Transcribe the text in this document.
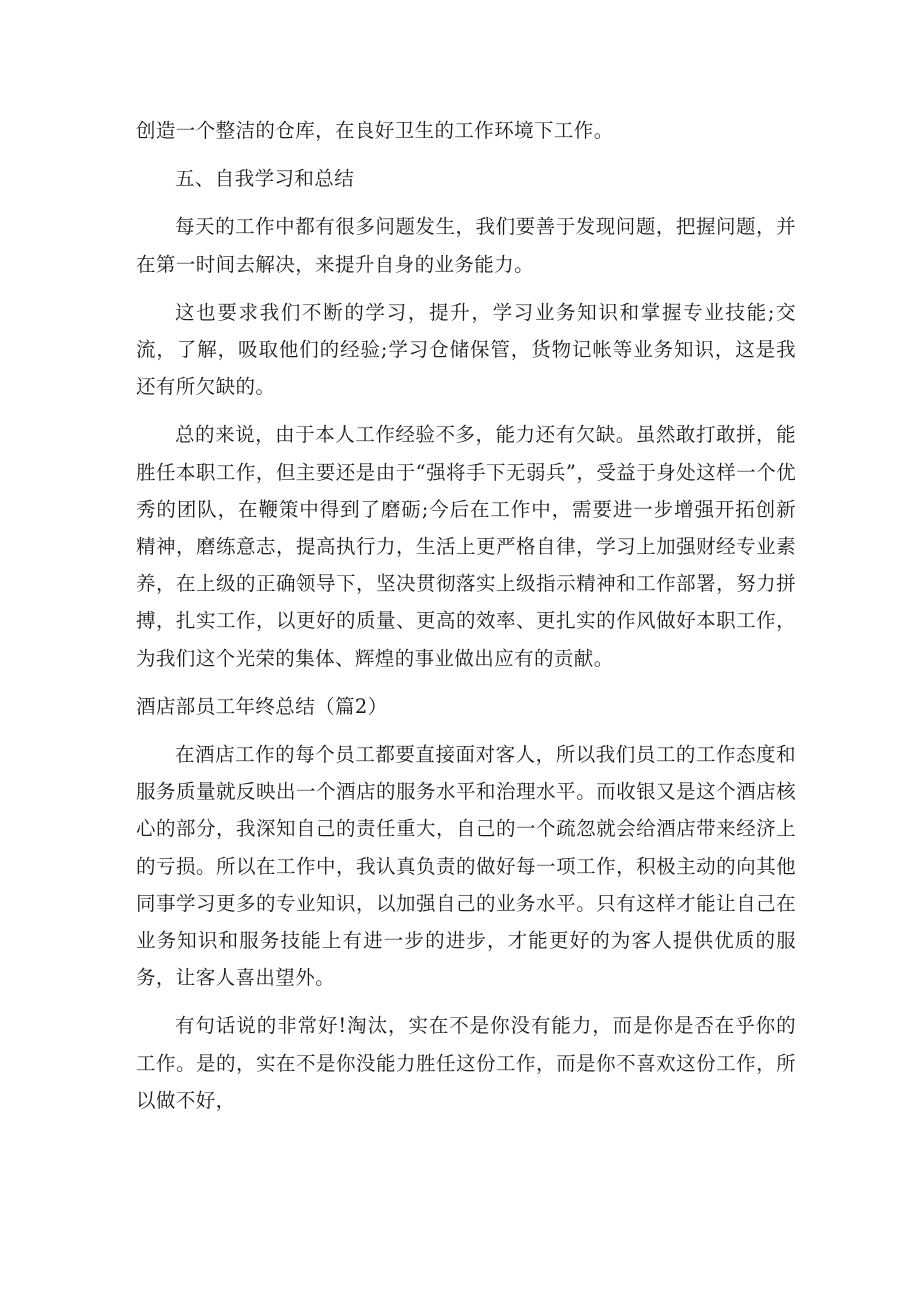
创造一个整洁的仓库，在良好卫生的工作环境下工作。

五、自我学习和总结

每天的工作中都有很多问题发生，我们要善于发现问题，把握问题，并在第一时间去解决，来提升自身的业务能力。

这也要求我们不断的学习，提升，学习业务知识和掌握专业技能;交流，了解，吸取他们的经验;学习仓储保管，货物记帐等业务知识，这是我还有所欠缺的。

总的来说，由于本人工作经验不多，能力还有欠缺。虽然敢打敢拼，能胜任本职工作，但主要还是由于“强将手下无弱兵”，受益于身处这样一个优秀的团队，在鞭策中得到了磨砺;今后在工作中，需要进一步增强开拓创新精神，磨练意志，提高执行力，生活上更严格自律，学习上加强财经专业素养，在上级的正确领导下，坚决贯彻落实上级指示精神和工作部署，努力拼搏，扎实工作，以更好的质量、更高的效率、更扎实的作风做好本职工作，为我们这个光荣的集体、辉煌的事业做出应有的贡献。

酒店部员工年终总结（篇2）

在酒店工作的每个员工都要直接面对客人，所以我们员工的工作态度和服务质量就反映出一个酒店的服务水平和治理水平。而收银又是这个酒店核心的部分，我深知自己的责任重大，自己的一个疏忽就会给酒店带来经济上的亏损。所以在工作中，我认真负责的做好每一项工作，积极主动的向其他同事学习更多的专业知识，以加强自己的业务水平。只有这样才能让自己在业务知识和服务技能上有进一步的进步，才能更好的为客人提供优质的服务，让客人喜出望外。

有句话说的非常好!淘汰，实在不是你没有能力，而是你是否在乎你的工作。是的，实在不是你没能力胜任这份工作，而是你不喜欢这份工作，所以做不好，
